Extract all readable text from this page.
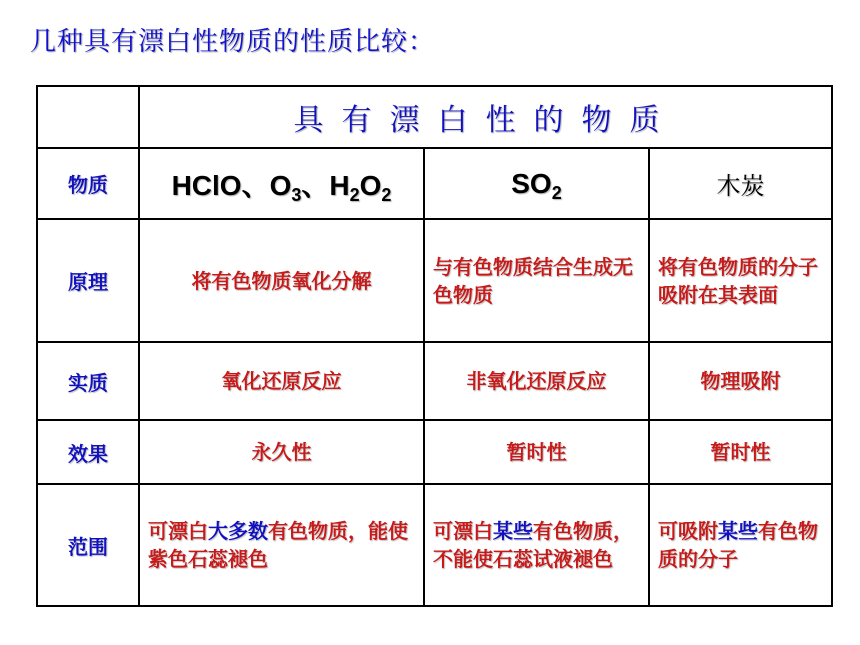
几种具有漂白性物质的性质比较：
	具有漂白性的物质		
物质	HClO、$O_3$、$H_2O_2$	$SO_2$	木炭
原理	将有色物质氧化分解	与有色物质结合生成无色物质	将有色物质的分子吸附在其表面
实质	氧化还原反应	非氧化还原反应	物理吸附
效果	永久性	暂时性	暂时性
范围	可漂白大多数有色物质，能使紫色石蕊褪色	可漂白某些有色物质，不能使石蕊试液褪色	可吸附某些有色物质的分子
